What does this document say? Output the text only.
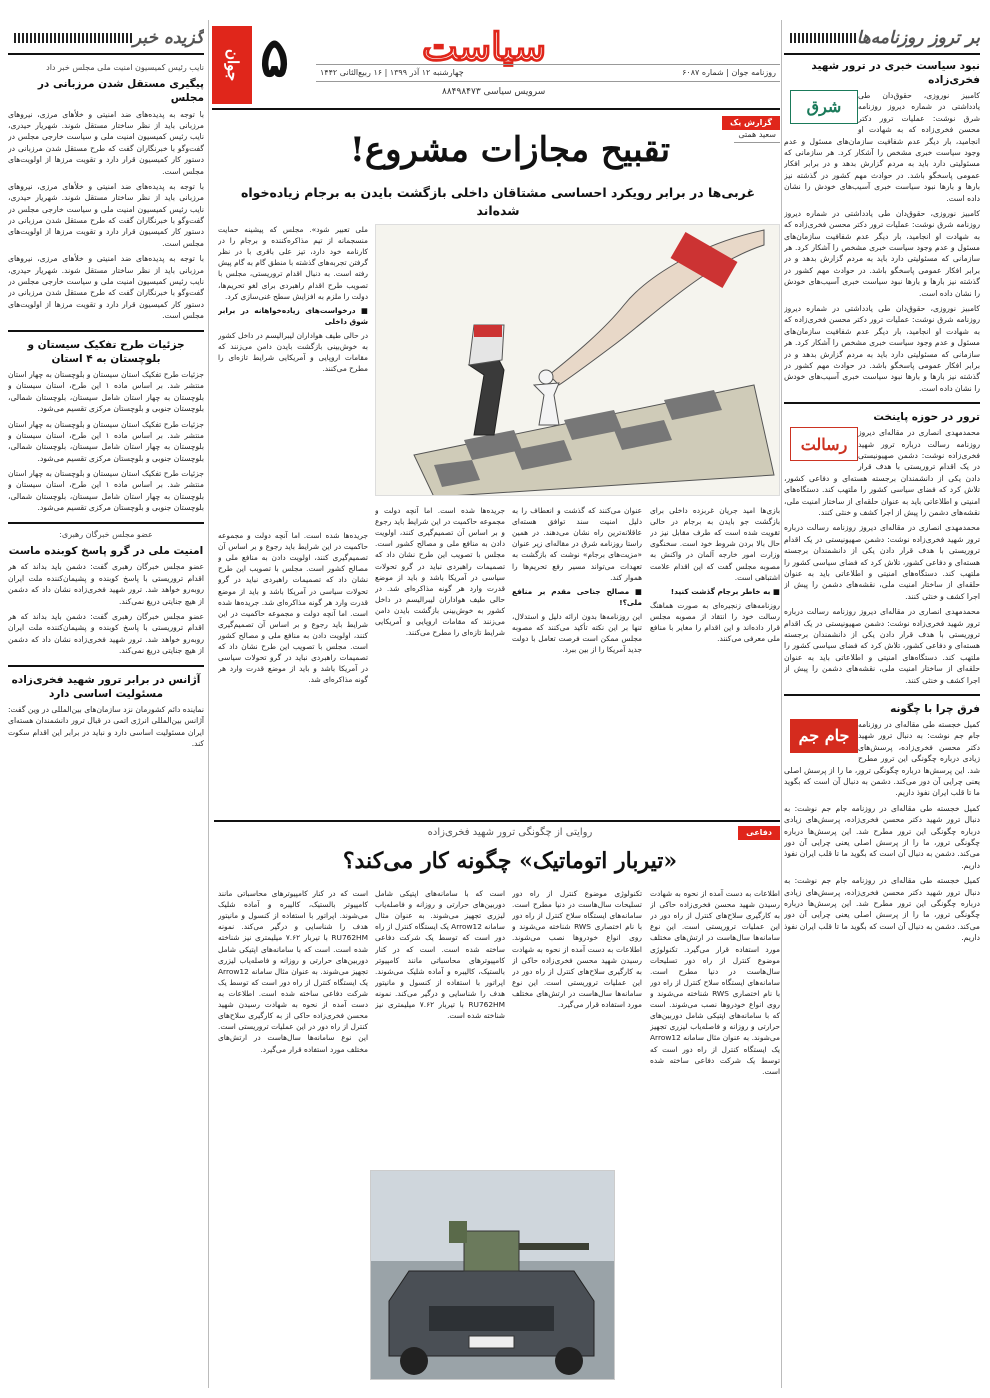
بر تروز روزنامه‌ها
نبود سیاست خبری در ترور شهید فخری‌زاده
شرق

کامبیز نوروزی، حقوق‌دان طی یادداشتی در شماره دیروز روزنامه شرق نوشت: عملیات ترور دکتر محسن فخری‌زاده که به شهادت او انجامید، بار دیگر عدم شفافیت سازمان‌های مسئول و عدم وجود سیاست خبری مشخص را آشکار کرد. هر سازمانی که مسئولیتی دارد باید به مردم گزارش بدهد و در برابر افکار عمومی پاسخگو باشد. در حوادث مهم کشور در گذشته نیز بارها و بارها نبود سیاست خبری آسیب‌های خودش را نشان داده است.

کامبیز نوروزی، حقوق‌دان طی یادداشتی در شماره دیروز روزنامه شرق نوشت: عملیات ترور دکتر محسن فخری‌زاده که به شهادت او انجامید، بار دیگر عدم شفافیت سازمان‌های مسئول و عدم وجود سیاست خبری مشخص را آشکار کرد. هر سازمانی که مسئولیتی دارد باید به مردم گزارش بدهد و در برابر افکار عمومی پاسخگو باشد. در حوادث مهم کشور در گذشته نیز بارها و بارها نبود سیاست خبری آسیب‌های خودش را نشان داده است.

کامبیز نوروزی، حقوق‌دان طی یادداشتی در شماره دیروز روزنامه شرق نوشت: عملیات ترور دکتر محسن فخری‌زاده که به شهادت او انجامید، بار دیگر عدم شفافیت سازمان‌های مسئول و عدم وجود سیاست خبری مشخص را آشکار کرد. هر سازمانی که مسئولیتی دارد باید به مردم گزارش بدهد و در برابر افکار عمومی پاسخگو باشد. در حوادث مهم کشور در گذشته نیز بارها و بارها نبود سیاست خبری آسیب‌های خودش را نشان داده است.

ترور در حوزه پاینخت
رسالت

محمدمهدی انصاری در مقاله‌ای دیروز روزنامه رسالت درباره ترور شهید فخری‌زاده نوشت: دشمن صهیونیستی در یک اقدام تروریستی با هدف قرار دادن یکی از دانشمندان برجسته هسته‌ای و دفاعی کشور، تلاش کرد که فضای سیاسی کشور را ملتهب کند. دستگاه‌های امنیتی و اطلاعاتی باید به عنوان حلقه‌ای از ساختار امنیت ملی، نقشه‌های دشمن را پیش از اجرا کشف و خنثی کنند.

محمدمهدی انصاری در مقاله‌ای دیروز روزنامه رسالت درباره ترور شهید فخری‌زاده نوشت: دشمن صهیونیستی در یک اقدام تروریستی با هدف قرار دادن یکی از دانشمندان برجسته هسته‌ای و دفاعی کشور، تلاش کرد که فضای سیاسی کشور را ملتهب کند. دستگاه‌های امنیتی و اطلاعاتی باید به عنوان حلقه‌ای از ساختار امنیت ملی، نقشه‌های دشمن را پیش از اجرا کشف و خنثی کنند.

محمدمهدی انصاری در مقاله‌ای دیروز روزنامه رسالت درباره ترور شهید فخری‌زاده نوشت: دشمن صهیونیستی در یک اقدام تروریستی با هدف قرار دادن یکی از دانشمندان برجسته هسته‌ای و دفاعی کشور، تلاش کرد که فضای سیاسی کشور را ملتهب کند. دستگاه‌های امنیتی و اطلاعاتی باید به عنوان حلقه‌ای از ساختار امنیت ملی، نقشه‌های دشمن را پیش از اجرا کشف و خنثی کنند.

فرق چرا با چگونه
جام جم

کمیل خجسته طی مقاله‌ای در روزنامه جام جم نوشت: به دنبال ترور شهید دکتر محسن فخری‌زاده، پرسش‌های زیادی درباره چگونگی این ترور مطرح شد. این پرسش‌ها درباره چگونگی ترور، ما را از پرسش اصلی یعنی چرایی آن دور می‌کند. دشمن به دنبال آن است که بگوید ما تا قلب ایران نفوذ داریم.

کمیل خجسته طی مقاله‌ای در روزنامه جام جم نوشت: به دنبال ترور شهید دکتر محسن فخری‌زاده، پرسش‌های زیادی درباره چگونگی این ترور مطرح شد. این پرسش‌ها درباره چگونگی ترور، ما را از پرسش اصلی یعنی چرایی آن دور می‌کند. دشمن به دنبال آن است که بگوید ما تا قلب ایران نفوذ داریم.

کمیل خجسته طی مقاله‌ای در روزنامه جام جم نوشت: به دنبال ترور شهید دکتر محسن فخری‌زاده، پرسش‌های زیادی درباره چگونگی این ترور مطرح شد. این پرسش‌ها درباره چگونگی ترور، ما را از پرسش اصلی یعنی چرایی آن دور می‌کند. دشمن به دنبال آن است که بگوید ما تا قلب ایران نفوذ داریم.

گزیده خبر
نایب رئیس کمیسیون امنیت ملی مجلس خبر داد
پیگیری مستقل شدن مرزبانی در مجلس

با توجه به پدیده‌های ضد امنیتی و خلأهای مرزی، نیروهای مرزبانی باید از نظر ساختار مستقل شوند. شهریار حیدری، نایب رئیس کمیسیون امنیت ملی و سیاست خارجی مجلس در گفت‌وگو با خبرنگاران گفت که طرح مستقل شدن مرزبانی در دستور کار کمیسیون قرار دارد و تقویت مرزها از اولویت‌های مجلس است.

با توجه به پدیده‌های ضد امنیتی و خلأهای مرزی، نیروهای مرزبانی باید از نظر ساختار مستقل شوند. شهریار حیدری، نایب رئیس کمیسیون امنیت ملی و سیاست خارجی مجلس در گفت‌وگو با خبرنگاران گفت که طرح مستقل شدن مرزبانی در دستور کار کمیسیون قرار دارد و تقویت مرزها از اولویت‌های مجلس است.

با توجه به پدیده‌های ضد امنیتی و خلأهای مرزی، نیروهای مرزبانی باید از نظر ساختار مستقل شوند. شهریار حیدری، نایب رئیس کمیسیون امنیت ملی و سیاست خارجی مجلس در گفت‌وگو با خبرنگاران گفت که طرح مستقل شدن مرزبانی در دستور کار کمیسیون قرار دارد و تقویت مرزها از اولویت‌های مجلس است.

جزئیات طرح تفکیک سیستان و بلوچستان به ۴ استان

جزئیات طرح تفکیک استان سیستان و بلوچستان به چهار استان منتشر شد. بر اساس ماده ۱ این طرح، استان سیستان و بلوچستان به چهار استان شامل سیستان، بلوچستان شمالی، بلوچستان جنوبی و بلوچستان مرکزی تقسیم می‌شود.

جزئیات طرح تفکیک استان سیستان و بلوچستان به چهار استان منتشر شد. بر اساس ماده ۱ این طرح، استان سیستان و بلوچستان به چهار استان شامل سیستان، بلوچستان شمالی، بلوچستان جنوبی و بلوچستان مرکزی تقسیم می‌شود.

جزئیات طرح تفکیک استان سیستان و بلوچستان به چهار استان منتشر شد. بر اساس ماده ۱ این طرح، استان سیستان و بلوچستان به چهار استان شامل سیستان، بلوچستان شمالی، بلوچستان جنوبی و بلوچستان مرکزی تقسیم می‌شود.

عضو مجلس خبرگان رهبری:
امنیت ملی در گرو پاسخ کوبنده ماست

عضو مجلس خبرگان رهبری گفت: دشمن باید بداند که هر اقدام تروریستی با پاسخ کوبنده و پشیمان‌کننده ملت ایران روبه‌رو خواهد شد. ترور شهید فخری‌زاده نشان داد که دشمن از هیچ جنایتی دریغ نمی‌کند.

عضو مجلس خبرگان رهبری گفت: دشمن باید بداند که هر اقدام تروریستی با پاسخ کوبنده و پشیمان‌کننده ملت ایران روبه‌رو خواهد شد. ترور شهید فخری‌زاده نشان داد که دشمن از هیچ جنایتی دریغ نمی‌کند.

آژانس در برابر ترور شهید فخری‌زاده مسئولیت اساسی دارد

نماینده دائم کشورمان نزد سازمان‌های بین‌المللی در وین گفت: آژانس بین‌المللی انرژی اتمی در قبال ترور دانشمندان هسته‌ای ایران مسئولیت اساسی دارد و نباید در برابر این اقدام سکوت کند.

جوان ۵	سیاست
روزنامه جوان | شماره ۶۰۸۷
چهارشنبه ۱۲ آذر ۱۳۹۹ | ۱۶ ربیع‌الثانی ۱۴۴۲
سرویس سیاسی ۸۸۴۹۸۴۷۳
گزارش یک
سعید همتی
تقبیح مجازات مشروع!
غربی‌ها در برابر رویکرد احساسی مشتاقان داخلی بازگشت بایدن به برجام زیاده‌خواه شده‌اند
ملی تعبیر شود». مجلس که پیشینه حمایت منسجمانه از تیم مذاکره‌کننده و برجام را در کارنامه خود دارد، تیز علی باقری با در نظر گرفتن تجربه‌های گذشته با منطق گام به گام پیش رفته است. به دنبال اقدام تروریستی، مجلس با تصویب طرح اقدام راهبردی برای لغو تحریم‌ها، دولت را ملزم به افزایش سطح غنی‌سازی کرد.
■ درخواست‌های زیاده‌خواهانه در برابر شوق داخلی
در حالی طیف هواداران لیبرالیسم در داخل کشور به خوش‌بینی بازگشت بایدن دامن می‌زنند که مقامات اروپایی و آمریکایی شرایط تازه‌ای را مطرح می‌کنند.
جریده‌ها شده است. اما آنچه دولت و مجموعه حاکمیت در این شرایط باید رجوع و بر اساس آن تصمیم‌گیری کنند، اولویت دادن به منافع ملی و مصالح کشور است. مجلس با تصویب این طرح نشان داد که تصمیمات راهبردی نباید در گرو تحولات سیاسی در آمریکا باشد و باید از موضع قدرت وارد هر گونه مذاکره‌ای شد. جریده‌ها شده است. اما آنچه دولت و مجموعه حاکمیت در این شرایط باید رجوع و بر اساس آن تصمیم‌گیری کنند، اولویت دادن به منافع ملی و مصالح کشور است. مجلس با تصویب این طرح نشان داد که تصمیمات راهبردی نباید در گرو تحولات سیاسی در آمریکا باشد و باید از موضع قدرت وارد هر گونه مذاکره‌ای شد.
جریده‌ها شده است. اما آنچه دولت و مجموعه حاکمیت در این شرایط باید رجوع و بر اساس آن تصمیم‌گیری کنند، اولویت دادن به منافع ملی و مصالح کشور است. مجلس با تصویب این طرح نشان داد که تصمیمات راهبردی نباید در گرو تحولات سیاسی در آمریکا باشد و باید از موضع قدرت وارد هر گونه مذاکره‌ای شد. در حالی طیف هواداران لیبرالیسم در داخل کشور به خوش‌بینی بازگشت بایدن دامن می‌زنند که مقامات اروپایی و آمریکایی شرایط تازه‌ای را مطرح می‌کنند.
عنوان می‌کنند که گذشت و انعطاف را به دلیل امنیت سند توافق هسته‌ای عاقلانه‌ترین راه نشان می‌دهند. در همین راستا روزنامه شرق در مقاله‌ای زیر عنوان «مزیت‌های برجام» نوشت که بازگشت به تعهدات می‌تواند مسیر رفع تحریم‌ها را هموار کند.
■ مصالح جناحی مقدم بر منافع ملی؟!
این روزنامه‌ها بدون ارائه دلیل و استدلال، تنها بر این نکته تأکید می‌کنند که مصوبه مجلس ممکن است فرصت تعامل با دولت جدید آمریکا را از بین ببرد.
بازی‌ها امید جریان غربزده داخلی برای بازگشت جو بایدن به برجام در حالی تقویت شده است که طرف مقابل نیز در حال بالا بردن شروط خود است. سخنگوی وزارت امور خارجه آلمان در واکنش به مصوبه مجلس گفت که این اقدام علامت اشتباهی است.
■ به خاطر برجام گذشت کنید!
روزنامه‌های زنجیره‌ای به صورت هماهنگ رسالت خود را انتقاد از مصوبه مجلس قرار داده‌اند و این اقدام را مغایر با منافع ملی معرفی می‌کنند.
دفاعی
روایتی از چگونگی ترور شهید فخری‌زاده
«تیربار اتوماتیک» چگونه کار می‌کند؟
اطلاعات به دست آمده از نحوه به شهادت رسیدن شهید محسن فخری‌زاده حاکی از به کارگیری سلاح‌های کنترل از راه دور در این عملیات تروریستی است. این نوع سامانه‌ها سال‌هاست در ارتش‌های مختلف مورد استفاده قرار می‌گیرد. تکنولوژی موضوع کنترل از راه دور تسلیحات سال‌هاست در دنیا مطرح است. سامانه‌های ایستگاه سلاح کنترل از راه دور با نام اختصاری RWS شناخته می‌شوند و روی انواع خودروها نصب می‌شوند. است که با سامانه‌های اپتیکی شامل دوربین‌های حرارتی و روزانه و فاصله‌یاب لیزری تجهیز می‌شوند. به عنوان مثال سامانه Arrow12 یک ایستگاه کنترل از راه دور است که توسط یک شرکت دفاعی ساخته شده است.
تکنولوژی موضوع کنترل از راه دور تسلیحات سال‌هاست در دنیا مطرح است. سامانه‌های ایستگاه سلاح کنترل از راه دور با نام اختصاری RWS شناخته می‌شوند و روی انواع خودروها نصب می‌شوند. اطلاعات به دست آمده از نحوه به شهادت رسیدن شهید محسن فخری‌زاده حاکی از به کارگیری سلاح‌های کنترل از راه دور در این عملیات تروریستی است. این نوع سامانه‌ها سال‌هاست در ارتش‌های مختلف مورد استفاده قرار می‌گیرد.
است که با سامانه‌های اپتیکی شامل دوربین‌های حرارتی و روزانه و فاصله‌یاب لیزری تجهیز می‌شوند. به عنوان مثال سامانه Arrow12 یک ایستگاه کنترل از راه دور است که توسط یک شرکت دفاعی ساخته شده است. است که در کنار کامپیوترهای محاسباتی مانند کامپیوتر بالستیک، کالیبره و آماده شلیک می‌شوند. اپراتور با استفاده از کنسول و مانیتور هدف را شناسایی و درگیر می‌کند. نمونه RU762HM با تیربار ۷.۶۲ میلیمتری نیز شناخته شده است.
است که در کنار کامپیوترهای محاسباتی مانند کامپیوتر بالستیک، کالیبره و آماده شلیک می‌شوند. اپراتور با استفاده از کنسول و مانیتور هدف را شناسایی و درگیر می‌کند. نمونه RU762HM با تیربار ۷.۶۲ میلیمتری نیز شناخته شده است. است که با سامانه‌های اپتیکی شامل دوربین‌های حرارتی و روزانه و فاصله‌یاب لیزری تجهیز می‌شوند. به عنوان مثال سامانه Arrow12 یک ایستگاه کنترل از راه دور است که توسط یک شرکت دفاعی ساخته شده است. اطلاعات به دست آمده از نحوه به شهادت رسیدن شهید محسن فخری‌زاده حاکی از به کارگیری سلاح‌های کنترل از راه دور در این عملیات تروریستی است. این نوع سامانه‌ها سال‌هاست در ارتش‌های مختلف مورد استفاده قرار می‌گیرد.
